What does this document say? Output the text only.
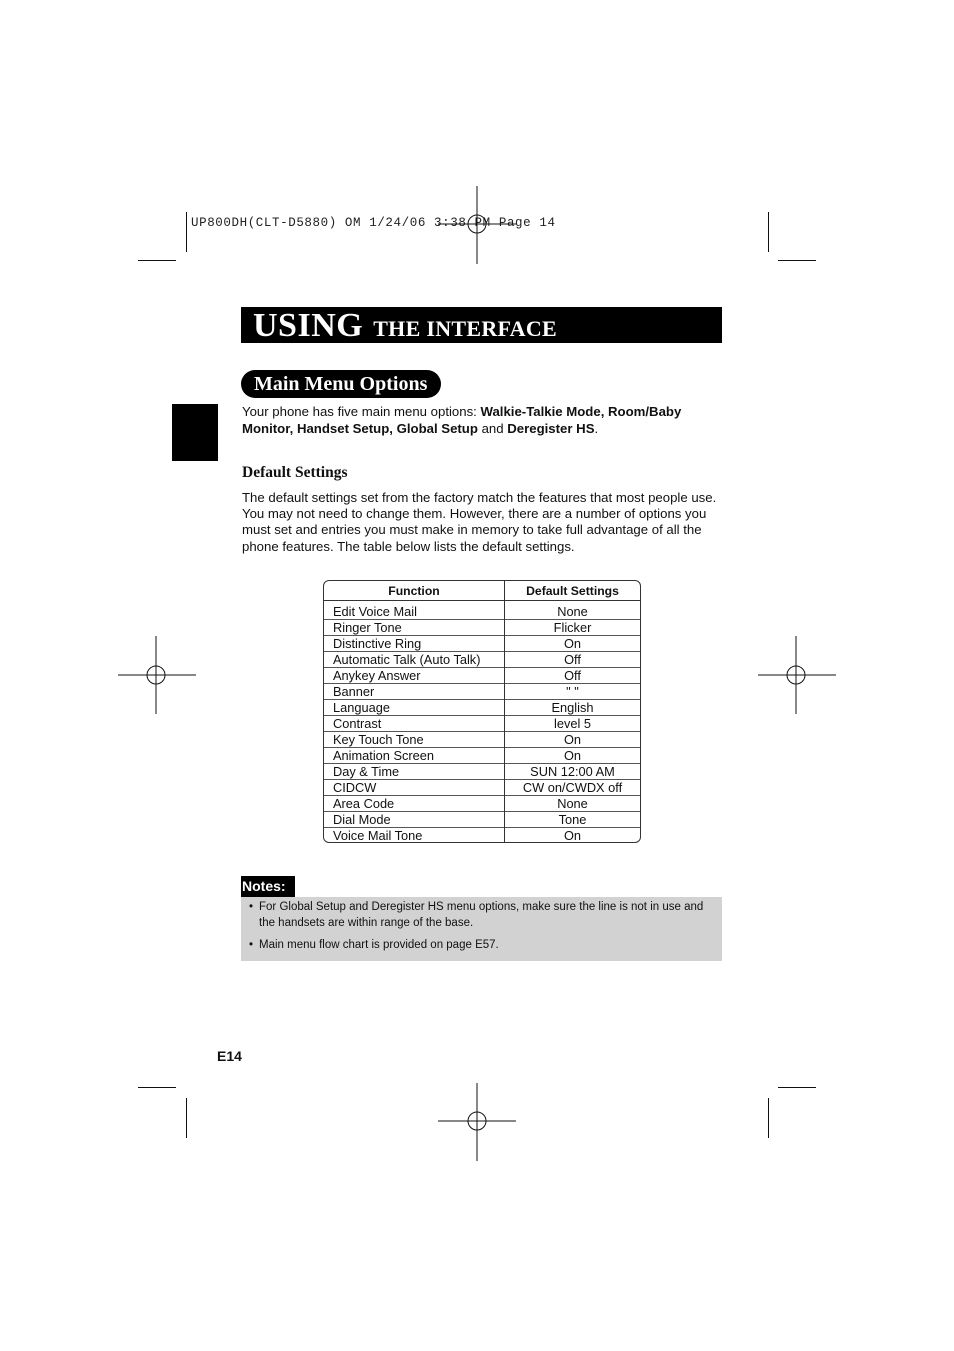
UP800DH(CLT-D5880) OM 1/24/06 3:38 PM Page 14
USING THE INTERFACE
Main Menu Options

Your phone has five main menu options: Walkie-Talkie Mode, Room/Baby Monitor, Handset Setup, Global Setup and Deregister HS.

Default Settings

The default settings set from the factory match the features that most people use. You may not need to change them. However, there are a number of options you must set and entries you must make in memory to take full advantage of all the phone features. The table below lists the default settings.

Function	Default Settings
Edit Voice Mail	None
Ringer Tone	Flicker
Distinctive Ring	On
Automatic Talk (Auto Talk)	Off
Anykey Answer	Off
Banner	" "
Language	English
Contrast	level 5
Key Touch Tone	On
Animation Screen	On
Day & Time	SUN 12:00 AM
CIDCW	CW on/CWDX off
Area Code	None
Dial Mode	Tone
Voice Mail Tone	On
Notes:

• For Global Setup and Deregister HS menu options, make sure the line is not in use and the handsets are within range of the base.

• Main menu flow chart is provided on page E57.

E14
